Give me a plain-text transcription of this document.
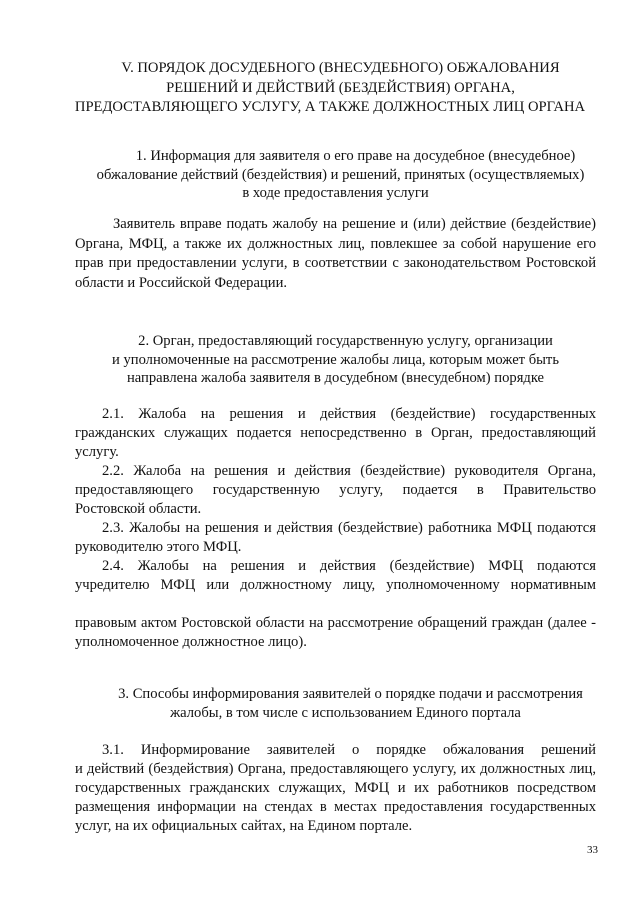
V. ПОРЯДОК ДОСУДЕБНОГО (ВНЕСУДЕБНОГО) ОБЖАЛОВАНИЯ
РЕШЕНИЙ И ДЕЙСТВИЙ (БЕЗДЕЙСТВИЯ) ОРГАНА,
ПРЕДОСТАВЛЯЮЩЕГО УСЛУГУ, А ТАКЖЕ ДОЛЖНОСТНЫХ ЛИЦ ОРГАНА
1. Информация для заявителя о его праве на досудебное (внесудебное)
обжалование действий (бездействия) и решений, принятых (осуществляемых)
в ходе предоставления услуги
Заявитель вправе подать жалобу на решение и (или) действие (бездействие)
Органа, МФЦ, а также их должностных лиц, повлекшее за собой нарушение его
прав при предоставлении услуги, в соответствии с законодательством Ростовской
области и Российской Федерации.
2. Орган, предоставляющий государственную услугу, организации
и уполномоченные на рассмотрение жалобы лица, которым может быть
направлена жалоба заявителя в досудебном (внесудебном) порядке
2.1. Жалоба на решения и действия (бездействие) государственных
гражданских служащих подается непосредственно в Орган, предоставляющий
услугу.
2.2. Жалоба на решения и действия (бездействие) руководителя Органа,
предоставляющего государственную услугу, подается в Правительство
Ростовской области.
2.3. Жалобы на решения и действия (бездействие) работника МФЦ подаются
руководителю этого МФЦ.
2.4. Жалобы на решения и действия (бездействие) МФЦ подаются
учредителю МФЦ или должностному лицу, уполномоченному нормативным
правовым актом Ростовской области на рассмотрение обращений граждан (далее -
уполномоченное должностное лицо).
3. Способы информирования заявителей о порядке подачи и рассмотрения
жалобы, в том числе с использованием Единого портала
3.1. Информирование заявителей о порядке обжалования решений
и действий (бездействия) Органа, предоставляющего услугу, их должностных лиц,
государственных гражданских служащих, МФЦ и их работников посредством
размещения информации на стендах в местах предоставления государственных
услуг, на их официальных сайтах, на Едином портале.
33
